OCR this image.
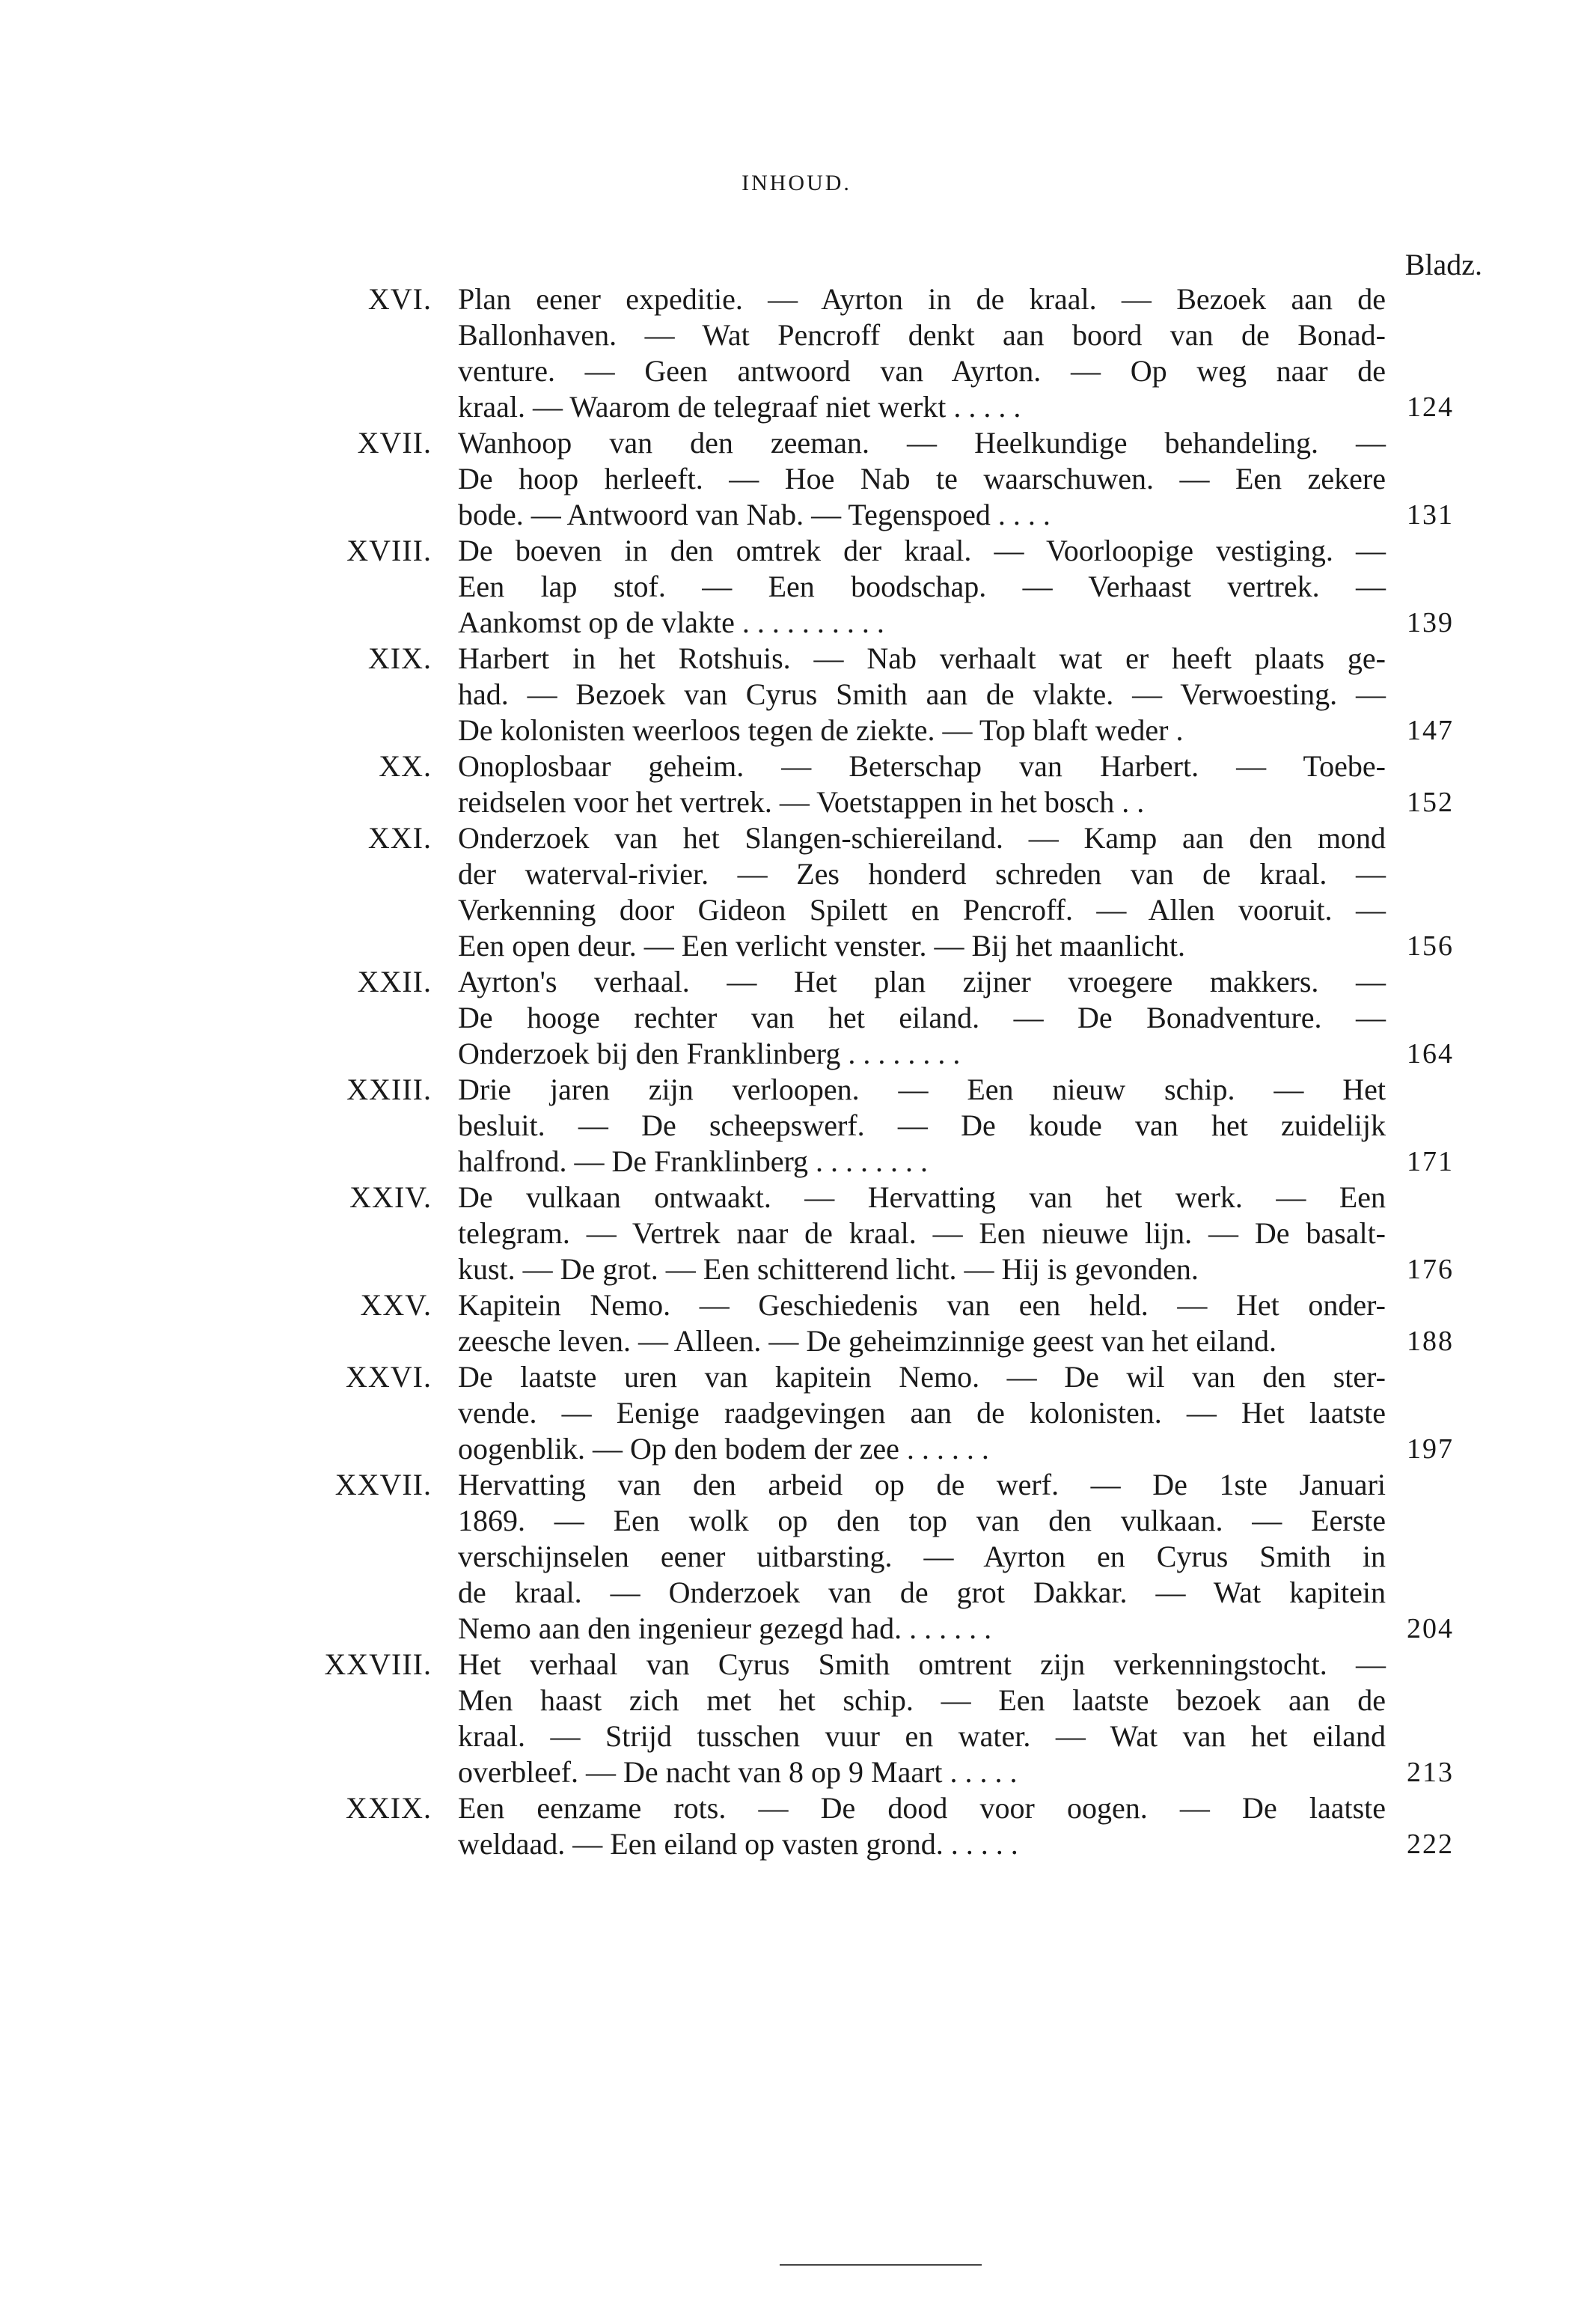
INHOUD.
Bladz.
XVI. Plan eener expeditie. — Ayrton in de kraal. — Bezoek aan de
Ballonhaven. — Wat Pencroff denkt aan boord van de Bonad-
venture. — Geen antwoord van Ayrton. — Op weg naar de
kraal. — Waarom de telegraaf niet werkt . . . . .	124
XVII. Wanhoop van den zeeman. — Heelkundige behandeling. —
De hoop herleeft. — Hoe Nab te waarschuwen. — Een zekere
bode. — Antwoord van Nab. — Tegenspoed . . . .	131
XVIII. De boeven in den omtrek der kraal. — Voorloopige vestiging. —
Een lap stof. — Een boodschap. — Verhaast vertrek. —
Aankomst op de vlakte . . . . . . . . . .	139
XIX. Harbert in het Rotshuis. — Nab verhaalt wat er heeft plaats ge-
had. — Bezoek van Cyrus Smith aan de vlakte. — Verwoesting. —
De kolonisten weerloos tegen de ziekte. — Top blaft weder .	147
XX. Onoplosbaar geheim. — Beterschap van Harbert. — Toebe-
reidselen voor het vertrek. — Voetstappen in het bosch . .	152
XXI. Onderzoek van het Slangen-schiereiland. — Kamp aan den mond
der waterval-rivier. — Zes honderd schreden van de kraal. —
Verkenning door Gideon Spilett en Pencroff. — Allen vooruit. —
Een open deur. — Een verlicht venster. — Bij het maanlicht.	156
XXII. Ayrton's verhaal. — Het plan zijner vroegere makkers. —
De hooge rechter van het eiland. — De Bonadventure. —
Onderzoek bij den Franklinberg . . . . . . . .	164
XXIII. Drie jaren zijn verloopen. — Een nieuw schip. — Het
besluit. — De scheepswerf. — De koude van het zuidelijk
halfrond. — De Franklinberg . . . . . . . .	171
XXIV. De vulkaan ontwaakt. — Hervatting van het werk. — Een
telegram. — Vertrek naar de kraal. — Een nieuwe lijn. — De basalt-
kust. — De grot. — Een schitterend licht. — Hij is gevonden.	176
XXV. Kapitein Nemo. — Geschiedenis van een held. — Het onder-
zeesche leven. — Alleen. — De geheimzinnige geest van het eiland.	188
XXVI. De laatste uren van kapitein Nemo. — De wil van den ster-
vende. — Eenige raadgevingen aan de kolonisten. — Het laatste
oogenblik. — Op den bodem der zee . . . . . .	197
XXVII. Hervatting van den arbeid op de werf. — De 1ste Januari
1869. — Een wolk op den top van den vulkaan. — Eerste
verschijnselen eener uitbarsting. — Ayrton en Cyrus Smith in
de kraal. — Onderzoek van de grot Dakkar. — Wat kapitein
Nemo aan den ingenieur gezegd had. . . . . . .	204
XXVIII. Het verhaal van Cyrus Smith omtrent zijn verkenningstocht. —
Men haast zich met het schip. — Een laatste bezoek aan de
kraal. — Strijd tusschen vuur en water. — Wat van het eiland
overbleef. — De nacht van 8 op 9 Maart . . . . .	213
XXIX. Een eenzame rots. — De dood voor oogen. — De laatste
weldaad. — Een eiland op vasten grond. . . . . .	222
